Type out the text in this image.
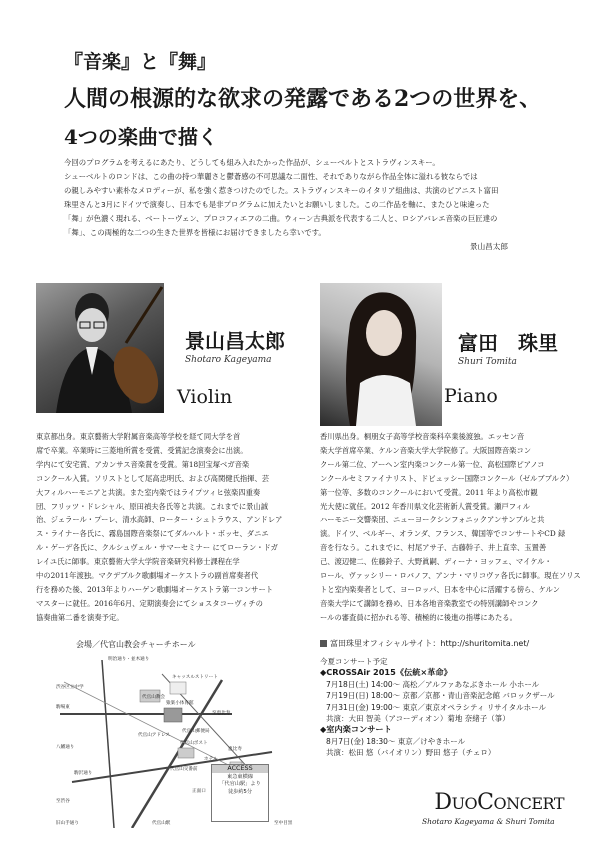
『音楽』と『舞』
人間の根源的な欲求の発露である2つの世界を、
4つの楽曲で描く
今回のプログラムを考えるにあたり、どうしても組み入れたかった作品が、シューベルトとストラヴィンスキー。
シューベルトのロンドは、この曲の持つ華麗さと鬱蒼感の不可思議な二面性、それでありながら作品全体に溢れる彼ならでは
の親しみやすい素朴なメロディーが、私を強く惹きつけたのでした。ストラヴィンスキーのイタリア組曲は、共演のピアニスト富田
珠里さんと3月にドイツで演奏し、日本でも是非プログラムに加えたいとお願いしました。この二作品を軸に、またひと味違った
「舞」が色濃く現れる、ベートーヴェン、プロコフィエフの二曲。ウィーン古典派を代表する二人と、ロシアバレエ音楽の巨匠達の
「舞」、この両極的な二つの生きた世界を皆様にお届けできましたら幸いです。
景山昌太郎
景山昌太郎
Shotaro Kageyama
Violin
富田　珠里
Shuri Tomita
Piano
東京都出身。東京藝術大学附属音楽高等学校を経て同大学を首
席で卒業。卒業時に三菱地所賞を受賞、受賞記念演奏会に出演。
学内にて安宅賞、アカンサス音楽賞を受賞。第18回宝塚ベガ音楽
コンクール入賞。ソリストとして尾高忠明氏、および高関健氏指揮、芸
大フィルハーモニアと共演。また室内楽ではライプツィヒ弦楽四重奏
団、フリッツ・ドレシャル、原田禎夫各氏等と共演。これまでに景山誠
治、ジェラール・プーレ、清水高師、ローター・シュトラウス、アンドレア
ス・ライナー各氏に、霧島国際音楽祭にてダルハルト・ボッセ、ダニエ
ル・ゲーデ各氏に、クルシュヴェル・サマーセミナー にてローラン・ドガ
レイユ氏に師事。東京藝術大学大学院音楽研究科修士課程在学
中の2011年渡独。マクデブルク歌劇場オーケストラの副首席奏者代
行を務めた後、2013年よりハーゲン歌劇場オーケストラ第一コンサート
マスターに就任。2016年6月、定期演奏会にてショスタコーヴィチの
協奏曲第二番を演奏予定。
香川県出身。桐朋女子高等学校音楽科卒業後渡独。エッセン音
楽大学首席卒業、ケルン音楽大学大学院修了。大阪国際音楽コン
クール第二位、アーヘン室内楽コンクール第一位、高松国際ピアノコ
ンクールセミファイナリスト、ドビュッシー国際コンクール（ゼルブブルク）
第一位等、多数のコンクールにおいて受賞。2011 年より高松市観
光大使に就任。2012 年香川県文化芸術新人賞受賞。瀬戸フィル
ハーモニー交響楽団、ニューヨークシンフォニックアンサンブルと共
演。ドイツ、ベルギー、オランダ、フランス、韓国等でコンサートやCD 録
音を行なう。これまでに、村尾アサ子、古藤幹子、井上直幸、玉置善
己、渡辺健二、佐藤鈴子、大野眞嗣、ディーナ・ヨッフェ、マイケル・
ロール、ヴァッシリー・ロバノフ、アンナ・マリコヴァ各氏に師事。現在ソリス
トと室内楽奏者として、ヨーロッパ、日本を中心に活躍する傍ら、ケルン
音楽大学にて講師を務め、日本各地音楽教室での特別講師やコンク
ールの審査員に招かれる等、積極的に後進の指導にあたる。
富田珠里オフィシャルサイト：http://shuritomita.net/
今夏コンサート予定
◆CROSSAir 2015《伝統×革命》
7月18日(土) 14:00～ 高松／アルファあなぶきホール 小ホール
7月19日(日) 18:00～ 京都／京都・青山音楽記念館 バロックザール
7月31日(金) 19:00～ 東京／東京オペラシティ リサイタルホール
共演：大田 智美（アコーディオン）菊地 奈緒子（箏）
◆室内楽コンサート
8月7日(金) 18:30～ 東京／けやきホール
共演：松田 悠（バイオリン）野田 悠子（チェロ）
会場／代官山教会チャーチホール
明治通り・並木通り
渋谷区立中学
駒場東
キャッスルストリート
代官山教会
猿楽小体育館
代官山アドレス
代官山ポスト
八幡通り
駒沢通り
代官山交番前
ホテル
至恵比寿
至渋谷
代官山駅
正面口
旧山手通り	至中目黒
代官山郵便局
恵比寿
ACCESS
東急東横線
「代官山駅」より
徒歩約5分	DUOCONCERT
Shotaro Kageyama & Shuri Tomita
